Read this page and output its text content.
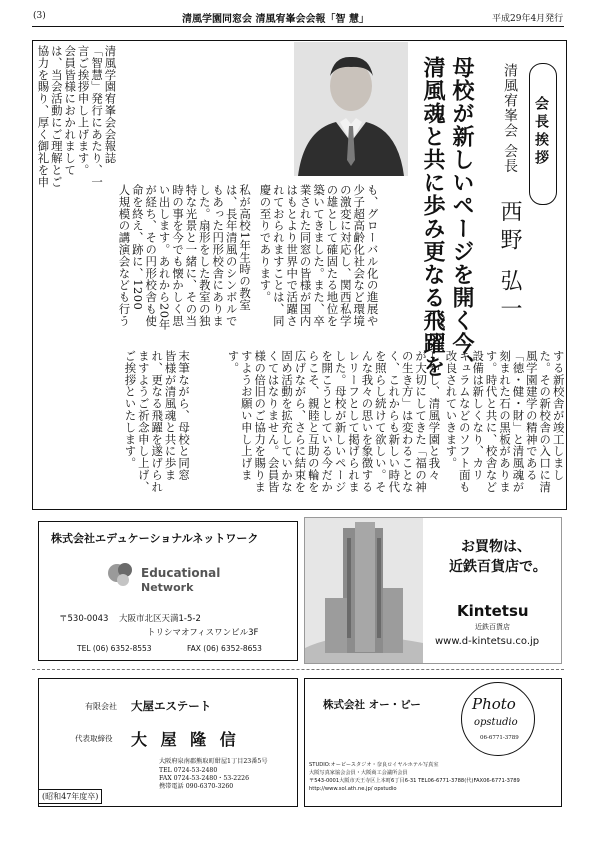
(3)	清風学園同窓会 清風宥峯会会報「智 慧」	平成29年4月発行
会長挨拶
清風宥峯会 会長
西野 弘一
母校が新しいページを開く今、
清風魂と共に歩み更なる飛躍を
も、グローバル化の進展や
少子超高齢化社会など環境
の激変に対応し、関西私学
の雄として確固たる地位を
築いてきました。また、卒
業された同窓の皆様が国内
はもとより世界中で活躍さ
れておられますことは、同
慶の至りであります。
する新校舎が竣工しまし
た。その新校舎の入口に清
風学園建学の精神である
「徳・健・財」と清風魂が
刻まれた石の黒板がありま
す。時代と共に、校舎など
設備は新しくなり、カリ
キュラムなどのソフト面も
改良されていきます。
しかし、清風学園と我々
が大切にしてきた「福の神
の生き方」は変わることな
く、これからも新しい時代
を照らし続けて欲しい。そ
んな我々の思いを象徴する
レリーフとして掲げられま
した。母校が新しいページ
を開こうとしている今だか
らこそ、親睦と互助の輪を
広げながら、さらに結束を
固め活動を拡充していかな
くてはなりません。会員皆
様の倍旧のご協力を賜りま
すようお願い申し上げま
す。
末筆ながら、母校と同窓
皆様が清風魂と共に歩ま
れ、更なる飛躍を遂げられ
ますようご祈念申し上げ、
ご挨拶といたします。
私が高校1年生時の教室
は、長年清風のシンボルで
もあった円形校舎にありま
した。扇形をした教室の独
特な光景と一緒に、その当
時の事を今でも懐かしく思
い出します。あれから20年
が経ち、その円形校舎も使
命を終え、跡に、1200
人規模の講演会なども行う
清風学園宥峯会会報誌
「智慧」発行にあたり、一
言ご挨拶申し上げます。
会員皆様におかれまして
は、当会活動にご理解とご
協力を賜り、厚く御礼を申
株式会社エデュケーショナルネットワーク
Educational
Network
〒530-0043 大阪市北区天満1-5-2
トリシマオフィスワンビル3F
TEL (06) 6352-8553	FAX (06) 6352-8653
お買物は、
近鉄百貨店で。
Kintetsu
近鉄百貨店
www.d-kintetsu.co.jp
有限会社 大屋エステート
代表取締役 大 屋 隆 信
大阪府泉南郡熊取町紺屋1丁目23番5号
TEL 0724-53-2480
FAX 0724-53-2480・53-2226
携帯電話 090-6370-3260
(昭和47年度卒)
株式会社 オー・ピー	Photo
opstudio
06-6771-3789
STUDIO:オーピースタジオ・奈良ロイヤルホテル写真室
大阪写真家協会会員・大阪商工会議所会員
〒543-0001大阪市天王寺区上本町6丁目6-31 TEL06-6771-3788(代)FAX06-6771-3789
http://www.sol.ath.ne.jp/ opstudio
